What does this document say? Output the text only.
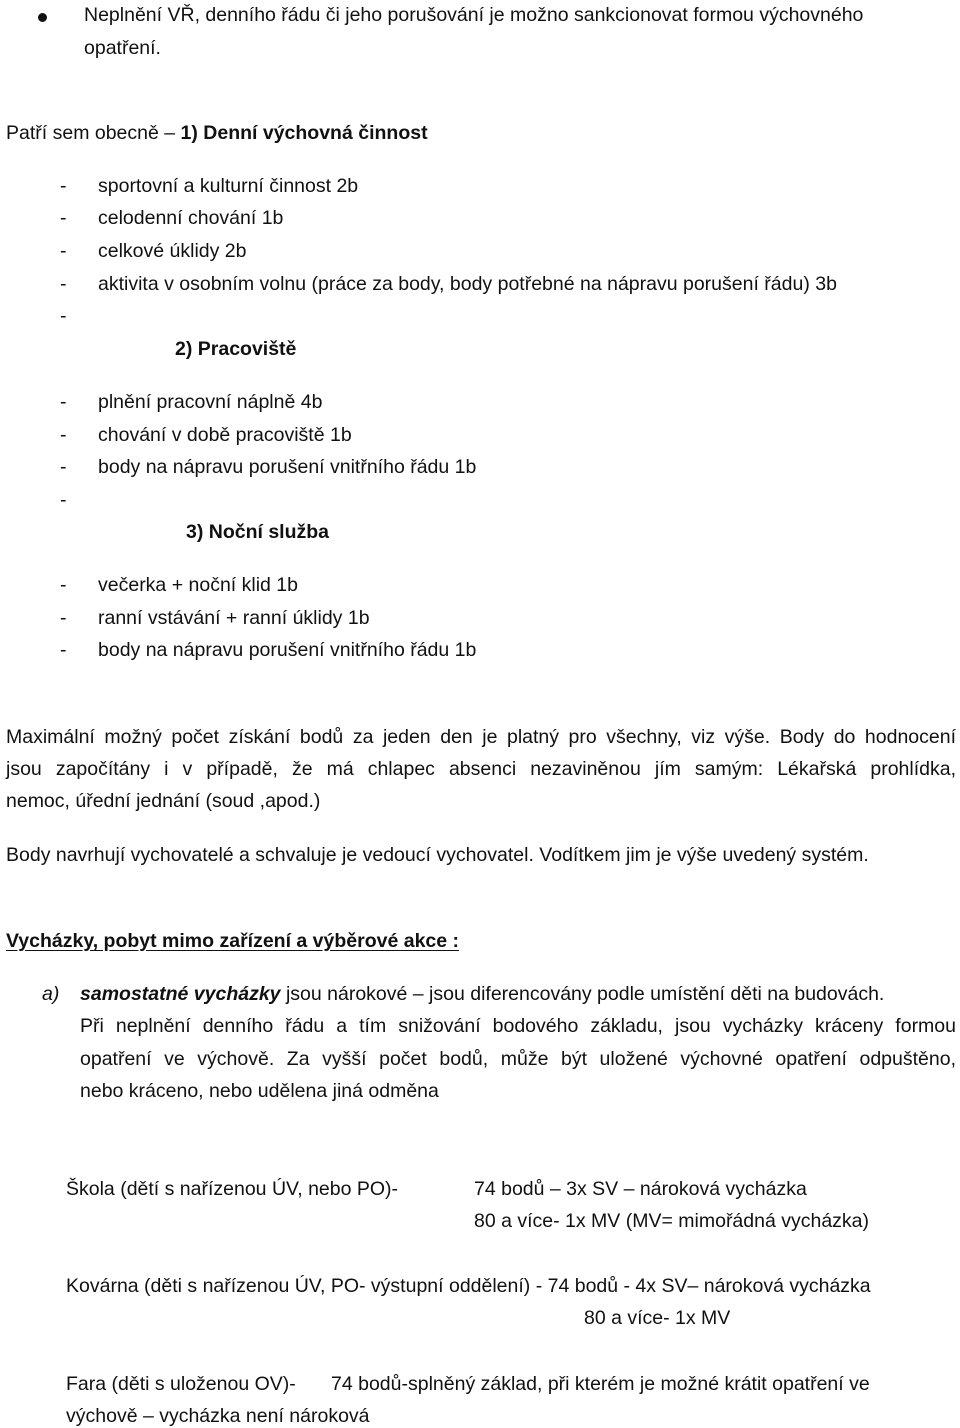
Neplnění VŘ, denního řádu či jeho porušování je možno sankcionovat formou výchovného
opatření.
Patří sem obecně – 1) Denní výchovná činnost
- sportovní a kulturní činnost 2b
- celodenní chování 1b
- celkové úklidy 2b
- aktivita v osobním volnu (práce za body, body potřebné na nápravu porušení řádu) 3b
-
2) Pracoviště
- plnění pracovní náplně 4b
- chování v době pracoviště 1b
- body na nápravu porušení vnitřního řádu 1b
-
3) Noční služba
- večerka + noční klid 1b
- ranní vstávání + ranní úklidy 1b
- body na nápravu porušení vnitřního řádu 1b
Maximální možný počet získání bodů za jeden den je platný pro všechny, viz výše. Body do hodnocení
jsou započítány i v případě, že má chlapec absenci nezaviněnou jím samým: Lékařská prohlídka,
nemoc, úřední jednání (soud ,apod.)
Body navrhují vychovatelé a schvaluje je vedoucí vychovatel. Vodítkem jim je výše uvedený systém.
Vycházky, pobyt mimo zařízení a výběrové akce :
a) samostatné vycházky jsou nárokové – jsou diferencovány podle umístění děti na budovách.
Při neplnění denního řádu a tím snižování bodového základu, jsou vycházky kráceny formou
opatření ve výchově. Za vyšší počet bodů, může být uložené výchovné opatření odpuštěno,
nebo kráceno, nebo udělena jiná odměna
Škola (dětí s nařízenou ÚV, nebo PO)-	74 bodů – 3x SV – nároková vycházka
80 a více- 1x MV (MV= mimořádná vycházka)
Kovárna (děti s nařízenou ÚV, PO- výstupní oddělení) - 74 bodů - 4x SV– nároková vycházka
80 a více- 1x MV
Fara (děti s uloženou OV)- 74 bodů-splněný základ, při kterém je možné krátit opatření ve
výchově – vycházka není nároková
